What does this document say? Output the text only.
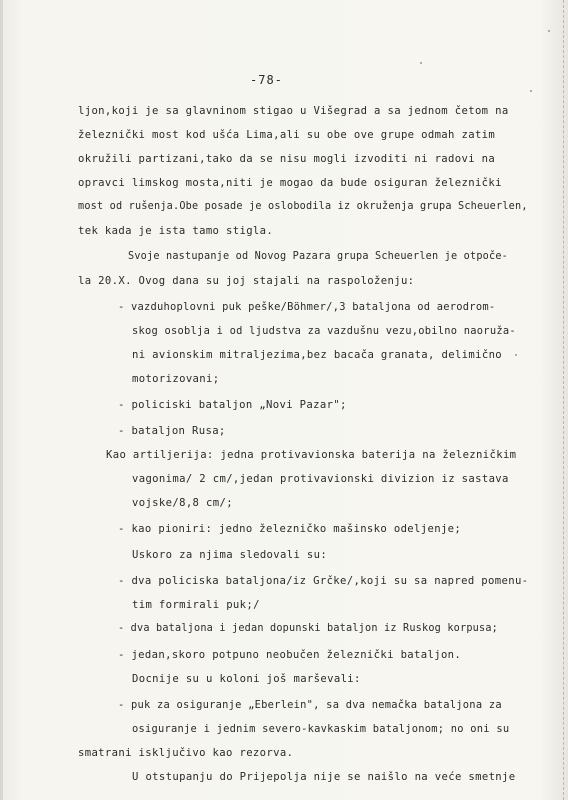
-78-
ljon,koji je sa glavninom stigao u Višegrad a sa jednom četom na
železnički most kod ušća Lima,ali su obe ove grupe odmah zatim
okružili partizani,tako da se nisu mogli izvoditi ni radovi na
opravci limskog mosta,niti je mogao da bude osiguran železnički
most od rušenja.Obe posade je oslobodila iz okruženja grupa Scheuerlen,
tek kada je ista tamo stigla.
Svoje nastupanje od Novog Pazara grupa Scheuerlen je otpoče-
la 20.X. Ovog dana su joj stajali na raspoloženju:
- vazduhoplovni puk peške/Böhmer/,3 bataljona od aerodrom-
skog osoblja i od ljudstva za vazdušnu vezu,obilno naoruža-
ni avionskim mitraljezima,bez bacača granata, delimično
motorizovani;
- policiski bataljon „Novi Pazar";
- bataljon Rusa;
Kao artiljerija: jedna protivavionska baterija na železničkim
vagonima/ 2 cm/,jedan protivavionski divizion iz sastava
vojske/8,8 cm/;
- kao pioniri: jedno železničko mašinsko odeljenje;
Uskoro za njima sledovali su:
- dva policiska bataljona/iz Grčke/,koji su sa napred pomenu-
tim formirali puk;/
- dva bataljona i jedan dopunski bataljon iz Ruskog korpusa;
- jedan,skoro potpuno neobučen železnički bataljon.
Docnije su u koloni još marševali:
- puk za osiguranje „Eberlein", sa dva nemačka bataljona za
osiguranje i jednim severo-kavkaskim bataljonom; no oni su
smatrani isključivo kao rezorva.
U otstupanju do Prijepolja nije se naišlo na veće smetnje
